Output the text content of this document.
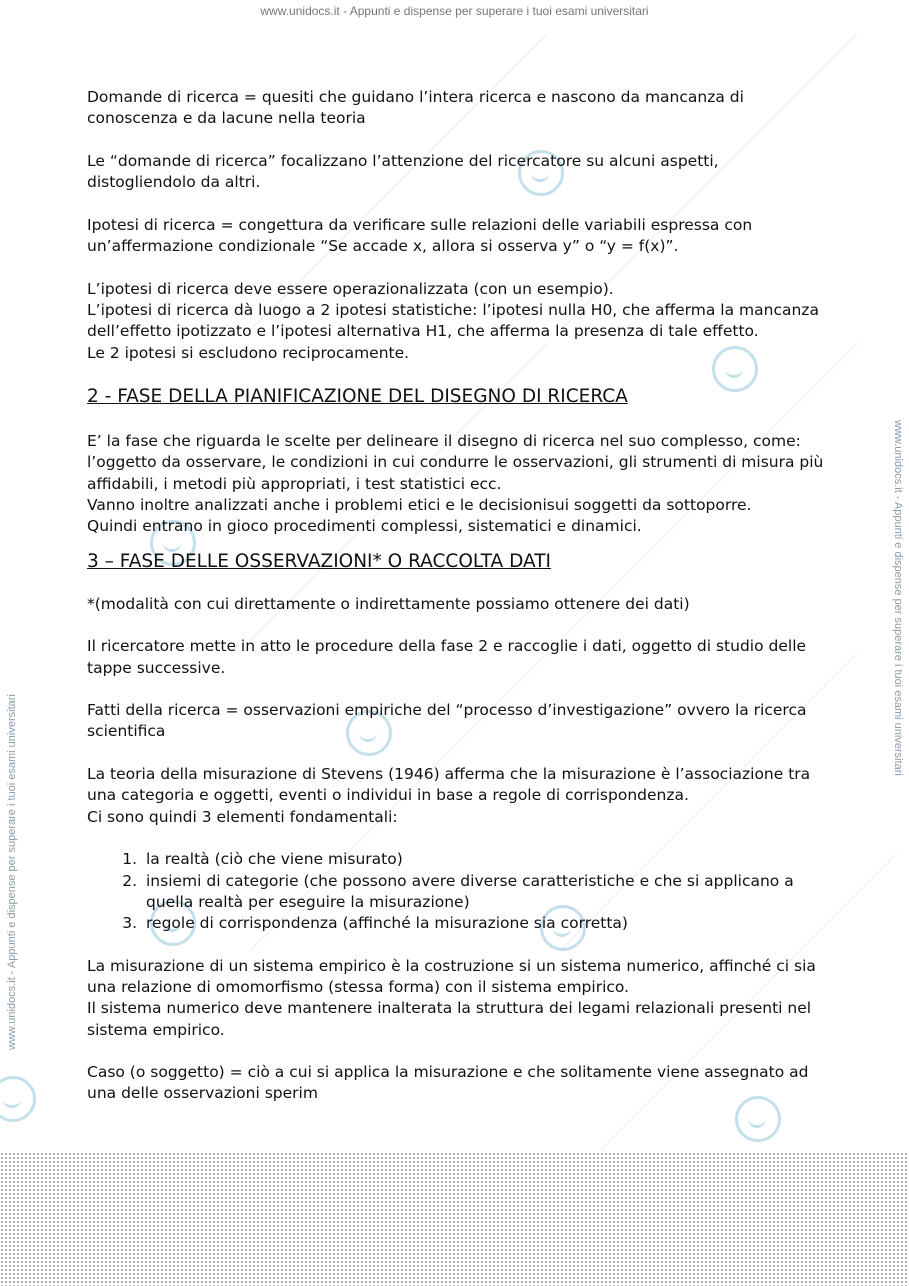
www.unidocs.it - Appunti e dispense per superare i tuoi esami universitari
www.unidocs.it - Appunti e dispense per superare i tuoi esami universitari
www.unidocs.it - Appunti e dispense per superare i tuoi esami universitari

Domande di ricerca = quesiti che guidano l’intera ricerca e nascono da mancanza di conoscenza e da lacune nella teoria

Le “domande di ricerca” focalizzano l’attenzione del ricercatore su alcuni aspetti, distogliendolo da altri.

Ipotesi di ricerca = congettura da verificare sulle relazioni delle variabili espressa con un’affermazione condizionale “Se accade x, allora si osserva y” o “y = f(x)”.

L’ipotesi di ricerca deve essere operazionalizzata (con un esempio).

L’ipotesi di ricerca dà luogo a 2 ipotesi statistiche: l’ipotesi nulla H0, che afferma la mancanza dell’effetto ipotizzato e l’ipotesi alternativa H1, che afferma la presenza di tale effetto.

Le 2 ipotesi si escludono reciprocamente.

2 - FASE DELLA PIANIFICAZIONE DEL DISEGNO DI RICERCA

E’ la fase che riguarda le scelte per delineare il disegno di ricerca nel suo complesso, come: l’oggetto da osservare, le condizioni in cui condurre le osservazioni, gli strumenti di misura più affidabili, i metodi più appropriati, i test statistici ecc.

Vanno inoltre analizzati anche i problemi etici e le decisionisui soggetti da sottoporre.

Quindi entrano in gioco procedimenti complessi, sistematici e dinamici.

3 – FASE DELLE OSSERVAZIONI* O RACCOLTA DATI

*(modalità con cui direttamente o indirettamente possiamo ottenere dei dati)

Il ricercatore mette in atto le procedure della fase 2 e raccoglie i dati, oggetto di studio delle tappe successive.

Fatti della ricerca = osservazioni empiriche del “processo d’investigazione” ovvero la ricerca scientifica

La teoria della misurazione di Stevens (1946) afferma che la misurazione è l’associazione tra una categoria e oggetti, eventi o individui in base a regole di corrispondenza.

Ci sono quindi 3 elementi fondamentali:

1. la realtà (ciò che viene misurato)
2. insiemi di categorie (che possono avere diverse caratteristiche e che si applicano a quella realtà per eseguire la misurazione)
3. regole di corrispondenza (affinché la misurazione sia corretta)

La misurazione di un sistema empirico è la costruzione si un sistema numerico, affinché ci sia una relazione di omomorfismo (stessa forma) con il sistema empirico.

Il sistema numerico deve mantenere inalterata la struttura dei legami relazionali presenti nel sistema empirico.

Caso (o soggetto) = ciò a cui si applica la misurazione e che solitamente viene assegnato ad una delle osservazioni sperim
